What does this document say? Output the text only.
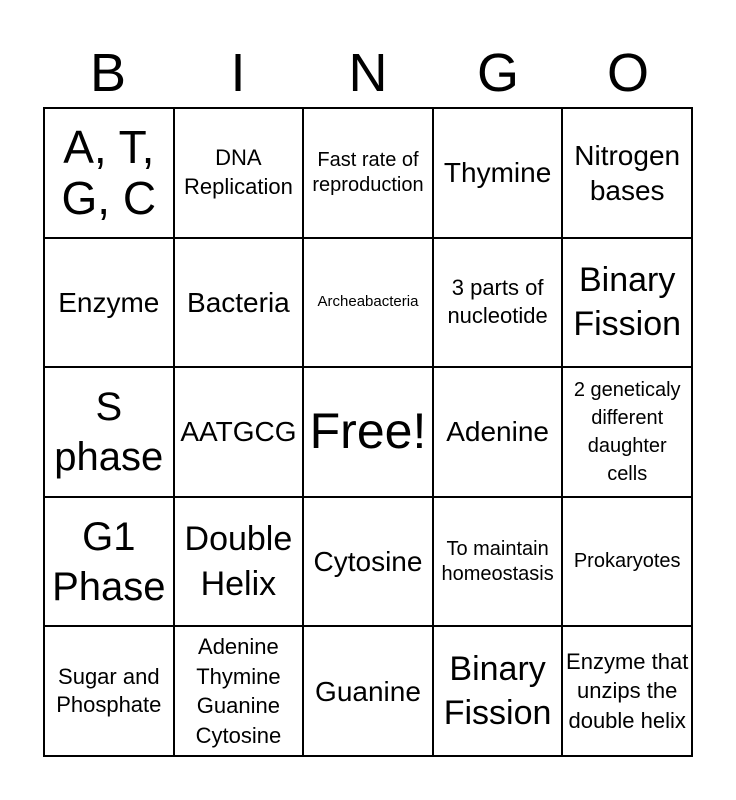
B	I	N	G	O
A, T, G, C
DNA Replication
Fast rate of reproduction Thymine
Nitrogen bases
Enzyme Bacteria Archeabacteria
3 parts of nucleotide
Binary Fission
S phase
AATGCG Free! Adenine
2 geneticaly different daughter cells
G1 Phase
Double Helix
Cytosine	To maintain homeostasis
Prokaryotes
Sugar and Phosphate
Adenine Thymine Guanine Cytosine
Guanine
Binary Fission
Enzyme that unzips the double helix
